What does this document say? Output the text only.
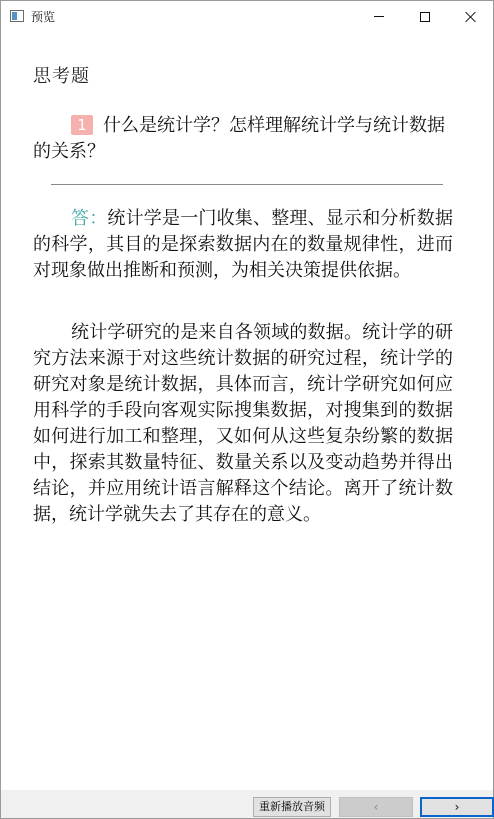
预览
思考题
1 什么是统计学？怎样理解统计学与统计数据的关系？
答：统计学是一门收集、整理、显示和分析数据的科学，其目的是探索数据内在的数量规律性，进而对现象做出推断和预测，为相关决策提供依据。
统计学研究的是来自各领域的数据。统计学的研究方法来源于对这些统计数据的研究过程，统计学的研究对象是统计数据，具体而言，统计学研究如何应用科学的手段向客观实际搜集数据，对搜集到的数据如何进行加工和整理，又如何从这些复杂纷繁的数据中，探索其数量特征、数量关系以及变动趋势并得出结论，并应用统计语言解释这个结论。离开了统计数据，统计学就失去了其存在的意义。
重新播放音频	‹	›
